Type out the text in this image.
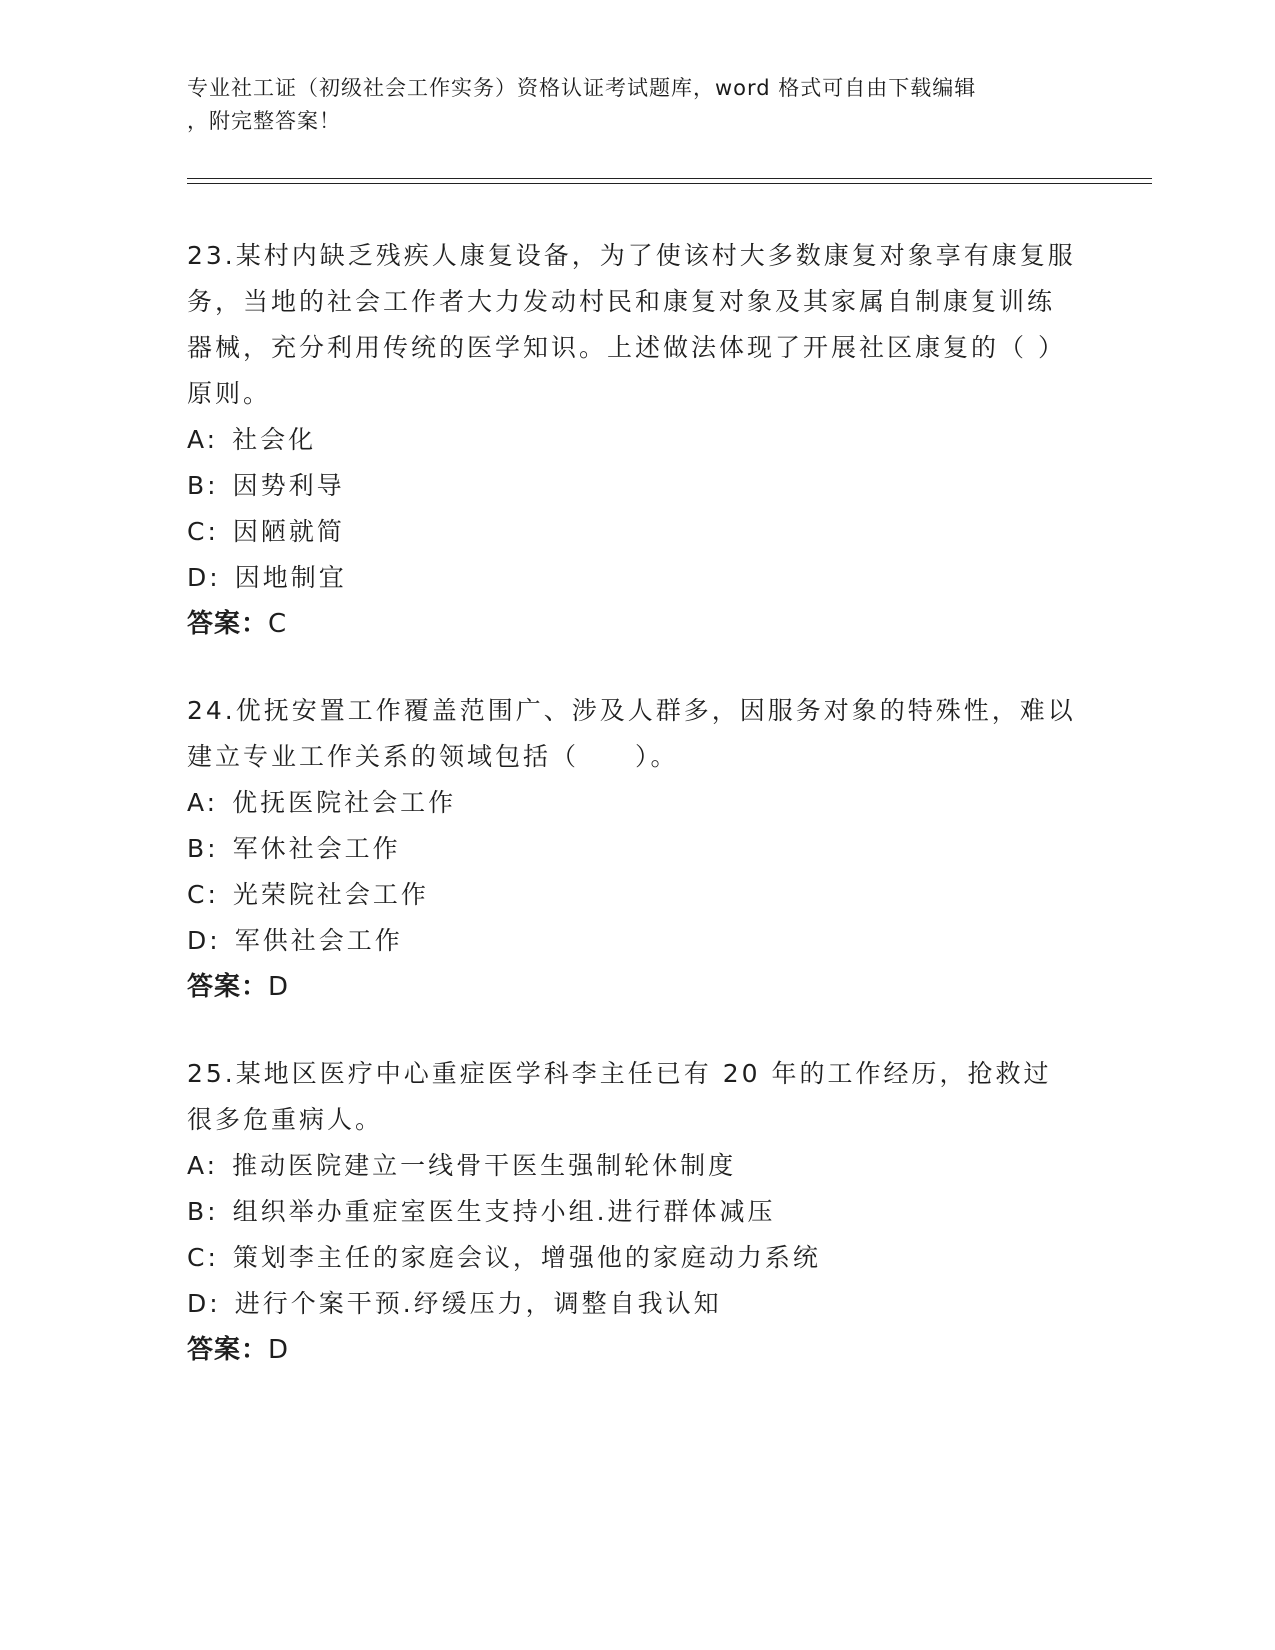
专业社工证（初级社会工作实务）资格认证考试题库，word 格式可自由下载编辑
，附完整答案！

23.某村内缺乏残疾人康复设备，为了使该村大多数康复对象享有康复服务，当地的社会工作者大力发动村民和康复对象及其家属自制康复训练器械，充分利用传统的医学知识。上述做法体现了开展社区康复的（ ）原则。

A: 社会化

B: 因势利导

C: 因陋就简

D: 因地制宜

答案：C

24.优抚安置工作覆盖范围广、涉及人群多，因服务对象的特殊性，难以建立专业工作关系的领域包括（　　）。

A: 优抚医院社会工作

B: 军休社会工作

C: 光荣院社会工作

D: 军供社会工作

答案：D

25.某地区医疗中心重症医学科李主任已有 20 年的工作经历，抢救过很多危重病人。

A: 推动医院建立一线骨干医生强制轮休制度

B: 组织举办重症室医生支持小组.进行群体减压

C: 策划李主任的家庭会议，增强他的家庭动力系统

D: 进行个案干预.纾缓压力，调整自我认知

答案：D
